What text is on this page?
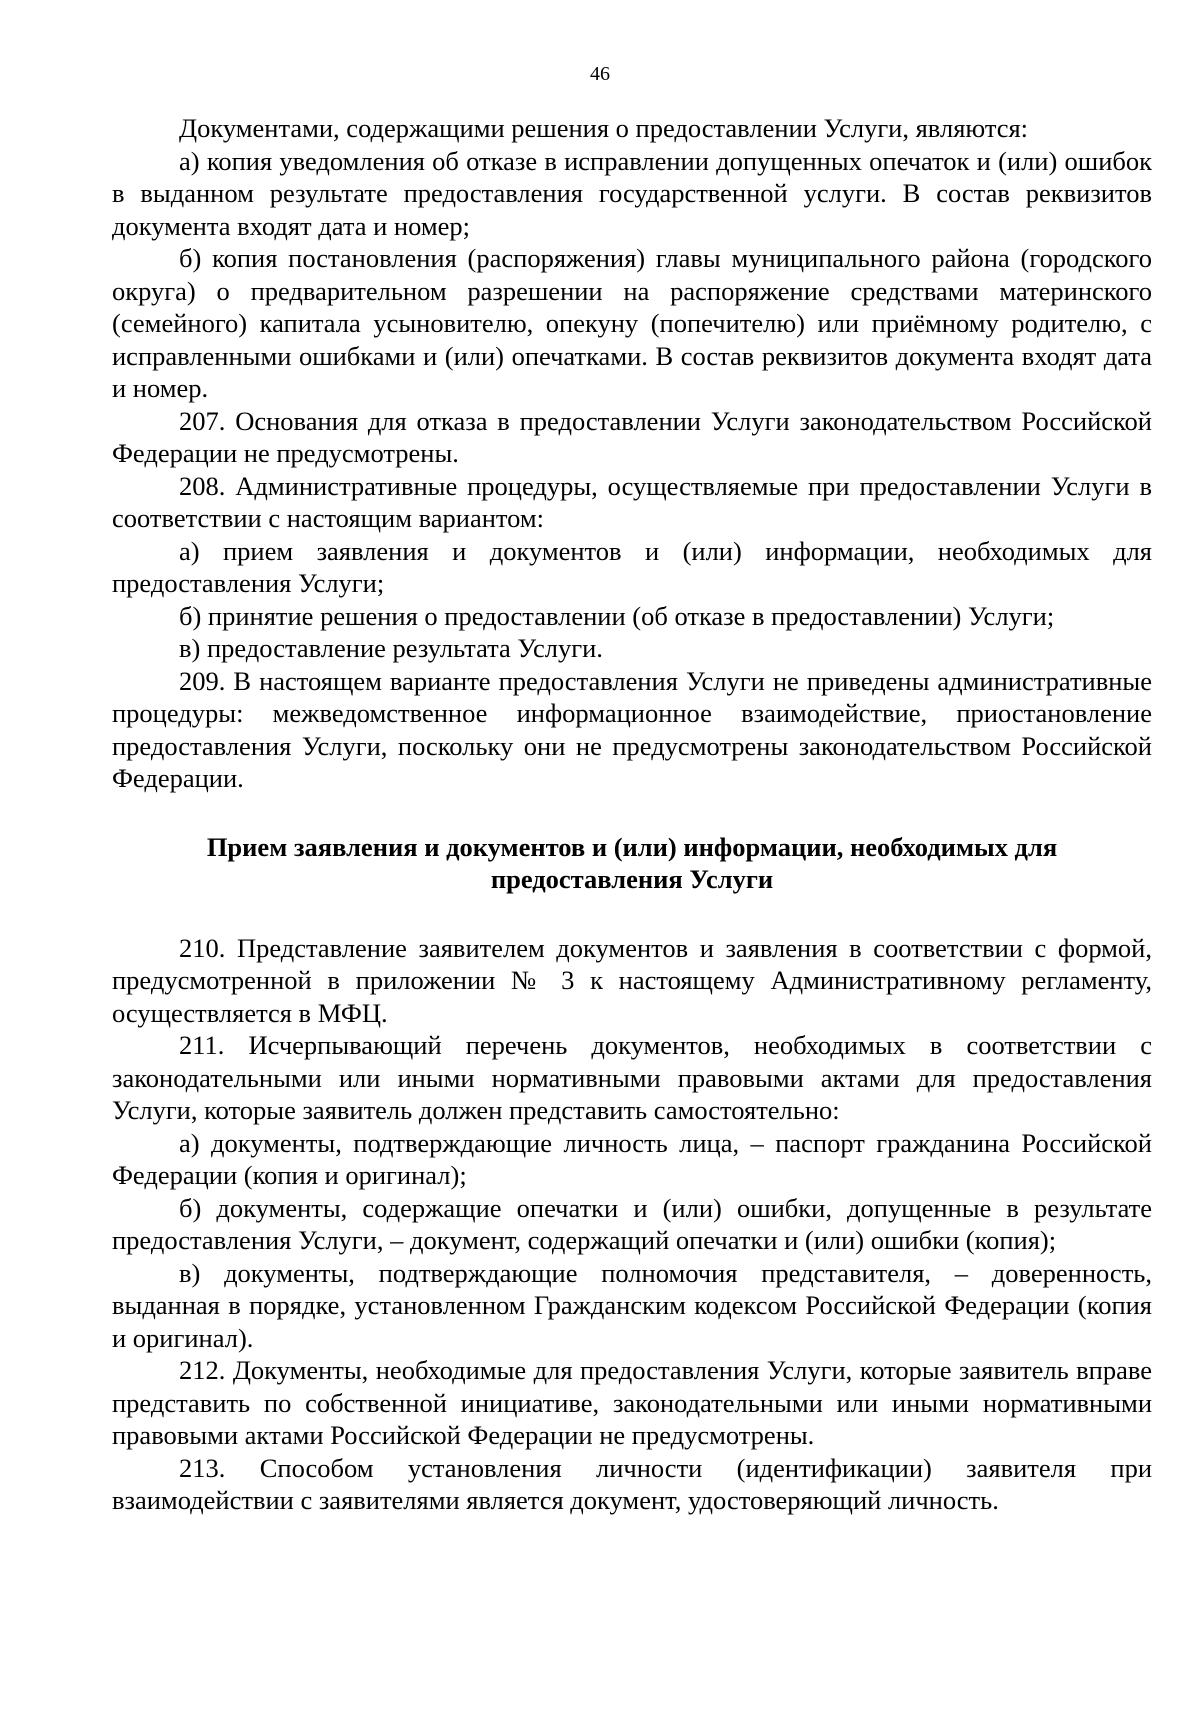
46

Документами, содержащими решения о предоставлении Услуги, являются:

а) копия уведомления об отказе в исправлении допущенных опечаток и (или) ошибок в выданном результате предоставления государственной услуги. В состав реквизитов документа входят дата и номер;

б) копия постановления (распоряжения) главы муниципального района (городского округа) о предварительном разрешении на распоряжение средствами материнского (семейного) капитала усыновителю, опекуну (попечителю) или приёмному родителю, с исправленными ошибками и (или) опечатками. В состав реквизитов документа входят дата и номер.

207. Основания для отказа в предоставлении Услуги законодательством Российской Федерации не предусмотрены.

208. Административные процедуры, осуществляемые при предоставлении Услуги в соответствии с настоящим вариантом:

а) прием заявления и документов и (или) информации, необходимых для предоставления Услуги;

б) принятие решения о предоставлении (об отказе в предоставлении) Услуги;

в) предоставление результата Услуги.

209. В настоящем варианте предоставления Услуги не приведены административные процедуры: межведомственное информационное взаимодействие, приостановление предоставления Услуги, поскольку они не предусмотрены законодательством Российской Федерации.

Прием заявления и документов и (или) информации, необходимых для предоставления Услуги

210. Представление заявителем документов и заявления в соответствии с формой, предусмотренной в приложении № 3 к настоящему Административному регламенту, осуществляется в МФЦ.

211. Исчерпывающий перечень документов, необходимых в соответствии с законодательными или иными нормативными правовыми актами для предоставления Услуги, которые заявитель должен представить самостоятельно:

а) документы, подтверждающие личность лица, – паспорт гражданина Российской Федерации (копия и оригинал);

б) документы, содержащие опечатки и (или) ошибки, допущенные в результате предоставления Услуги, – документ, содержащий опечатки и (или) ошибки (копия);

в) документы, подтверждающие полномочия представителя, – доверенность, выданная в порядке, установленном Гражданским кодексом Российской Федерации (копия и оригинал).

212. Документы, необходимые для предоставления Услуги, которые заявитель вправе представить по собственной инициативе, законодательными или иными нормативными правовыми актами Российской Федерации не предусмотрены.

213. Способом установления личности (идентификации) заявителя при взаимодействии с заявителями является документ, удостоверяющий личность.
